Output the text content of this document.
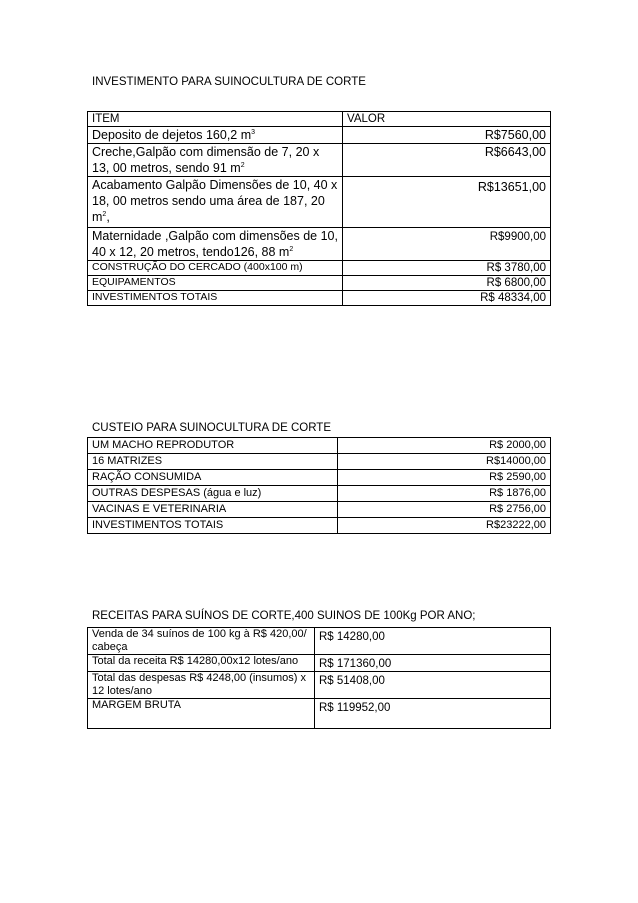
INVESTIMENTO PARA SUINOCULTURA DE CORTE
ITEM	VALOR
Deposito de dejetos 160,2 $m^3$	R$7560,00
Creche,Galpão com dimensão de 7, 20 x 13, 00 metros, sendo 91 $m^2$	R$6643,00
Acabamento Galpão Dimensões de 10, 40 x 18, 00 metros sendo uma área de 187, 20 $m^2$,	R$13651,00
Maternidade ,Galpão com dimensões de 10, 40 x 12, 20 metros, tendo126, 88 $m^2$	R$9900,00
CONSTRUÇÃO DO CERCADO (400x100 m)	R$ 3780,00
EQUIPAMENTOS	R$ 6800,00
INVESTIMENTOS TOTAIS	R$ 48334,00
CUSTEIO PARA SUINOCULTURA DE CORTE
UM MACHO REPRODUTOR	R$ 2000,00
16 MATRIZES	R$14000,00
RAÇÃO CONSUMIDA	R$ 2590,00
OUTRAS DESPESAS (água e luz)	R$ 1876,00
VACINAS E VETERINARIA	R$ 2756,00
INVESTIMENTOS TOTAIS	R$23222,00
RECEITAS PARA SUÍNOS DE CORTE,400 SUINOS DE 100Kg POR ANO;
Venda de 34 suínos de 100 kg à R$ 420,00/ cabeça	R$ 14280,00
Total da receita R$ 14280,00x12 lotes/ano	R$ 171360,00
Total das despesas R$ 4248,00 (insumos) x 12 lotes/ano	R$ 51408,00
MARGEM BRUTA	R$ 119952,00
